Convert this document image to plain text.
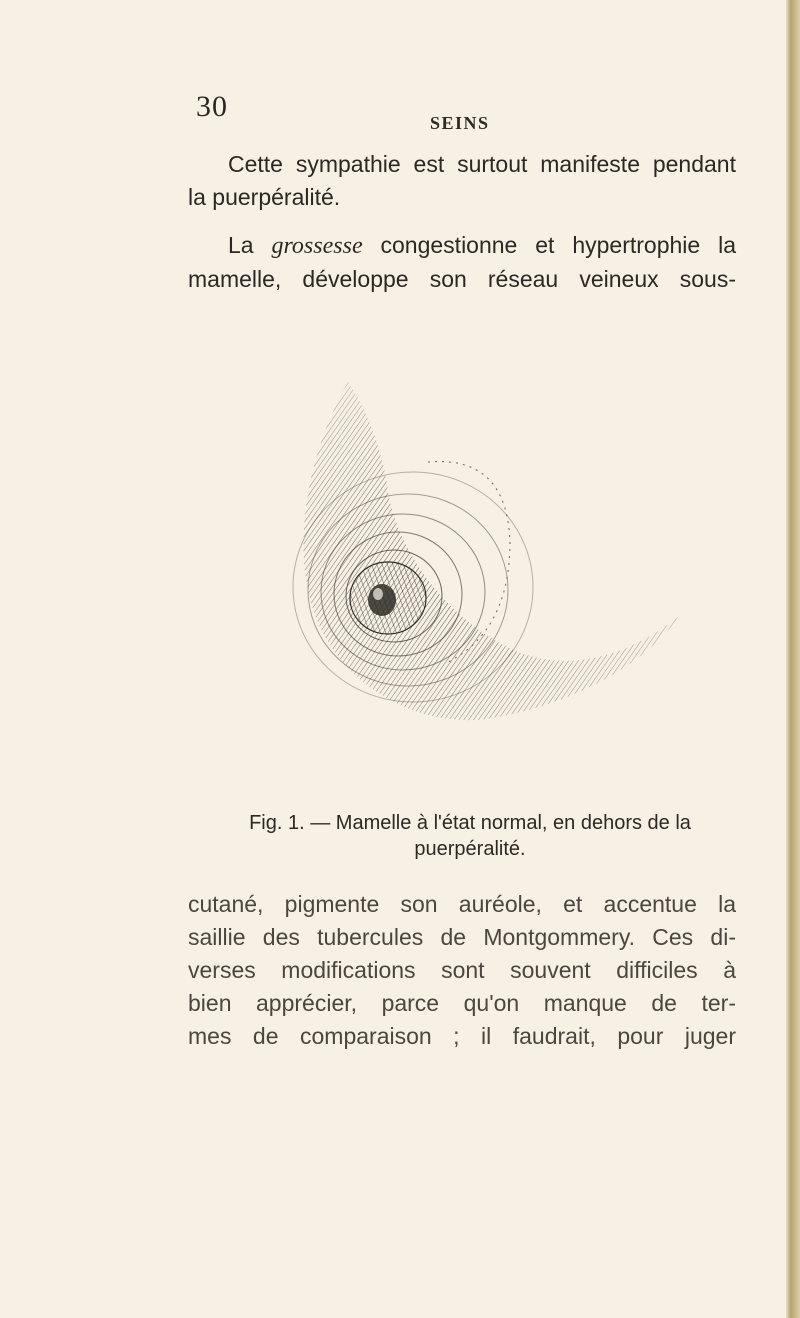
30	SEINS
Cette sympathie est surtout manifeste pendant
la puerpéralité.
La grossesse congestionne et hypertrophie la
mamelle, développe son réseau veineux sous-
Fig. 1. — Mamelle à l'état normal, en dehors de la
puerpéralité.
cutané, pigmente son auréole, et accentue la
saillie des tubercules de Montgommery. Ces di-
verses modifications sont souvent difficiles à
bien apprécier, parce qu'on manque de ter-
mes de comparaison ; il faudrait, pour juger
